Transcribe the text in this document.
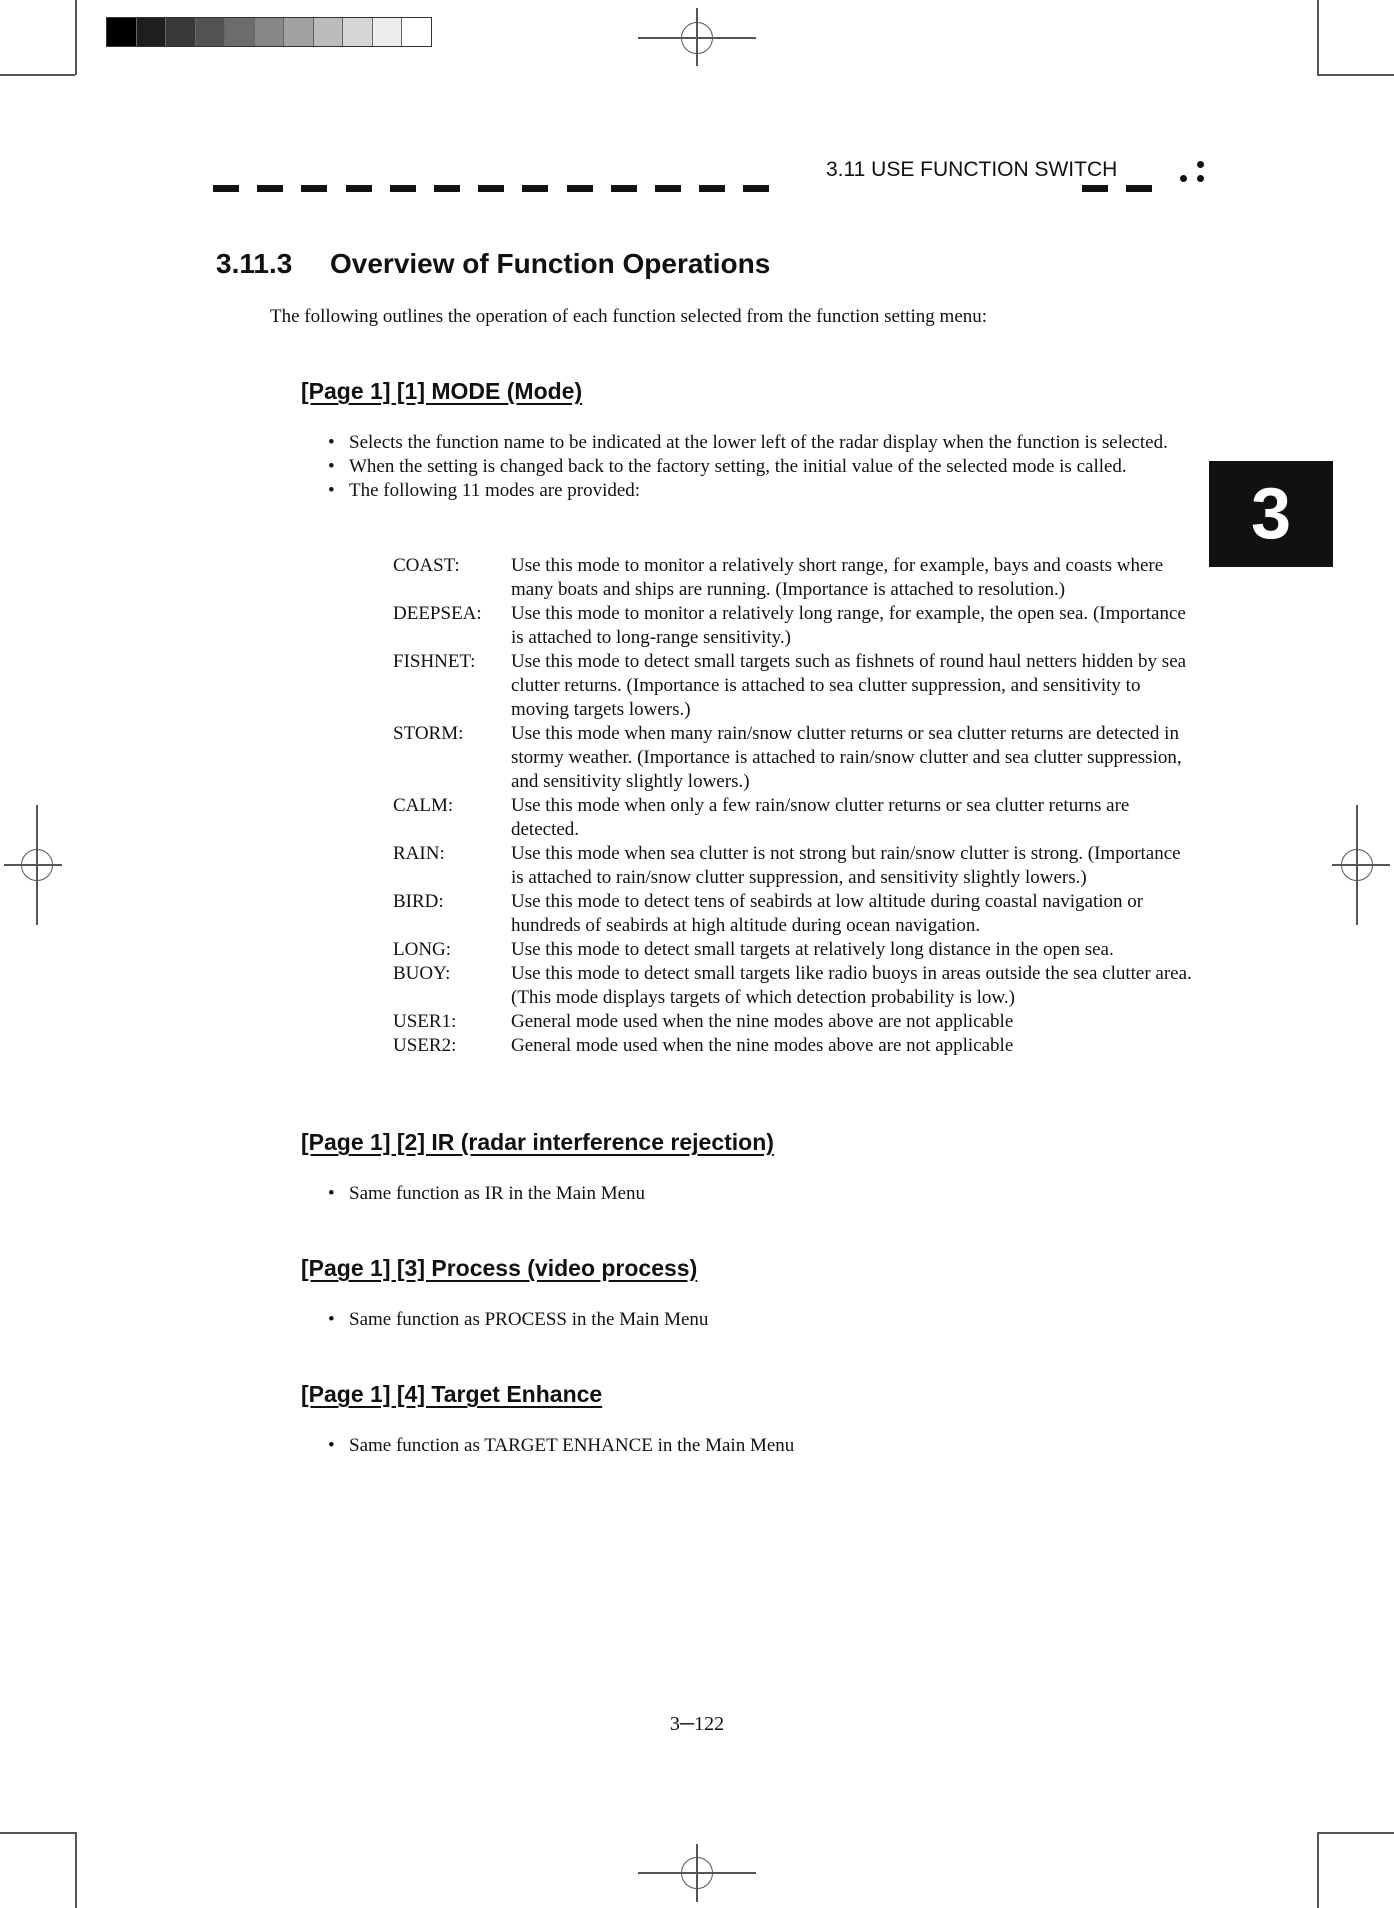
3.11 USE FUNCTION SWITCH
3
3.11.3 Overview of Function Operations
The following outlines the operation of each function selected from the function setting menu:
[Page 1] [1] MODE (Mode)
• Selects the function name to be indicated at the lower left of the radar display when the function is selected.
• When the setting is changed back to the factory setting, the initial value of the selected mode is called.
• The following 11 modes are provided:
COAST:	Use this mode to monitor a relatively short range, for example, bays and coasts where many boats and ships are running. (Importance is attached to resolution.)
DEEPSEA:	Use this mode to monitor a relatively long range, for example, the open sea. (Importance is attached to long-range sensitivity.)
FISHNET:	Use this mode to detect small targets such as fishnets of round haul netters hidden by sea clutter returns. (Importance is attached to sea clutter suppression, and sensitivity to moving targets lowers.)
STORM:	Use this mode when many rain/snow clutter returns or sea clutter returns are detected in stormy weather. (Importance is attached to rain/snow clutter and sea clutter suppression, and sensitivity slightly lowers.)
CALM:	Use this mode when only a few rain/snow clutter returns or sea clutter returns are detected.
RAIN:	Use this mode when sea clutter is not strong but rain/snow clutter is strong. (Importance is attached to rain/snow clutter suppression, and sensitivity slightly lowers.)
BIRD:	Use this mode to detect tens of seabirds at low altitude during coastal navigation or hundreds of seabirds at high altitude during ocean navigation.
LONG:	Use this mode to detect small targets at relatively long distance in the open sea.
BUOY:	Use this mode to detect small targets like radio buoys in areas outside the sea clutter area. (This mode displays targets of which detection probability is low.)
USER1:	General mode used when the nine modes above are not applicable
USER2:	General mode used when the nine modes above are not applicable
[Page 1] [2] IR (radar interference rejection)
• Same function as IR in the Main Menu
[Page 1] [3] Process (video process)
• Same function as PROCESS in the Main Menu
[Page 1] [4] Target Enhance
• Same function as TARGET ENHANCE in the Main Menu
3─122
